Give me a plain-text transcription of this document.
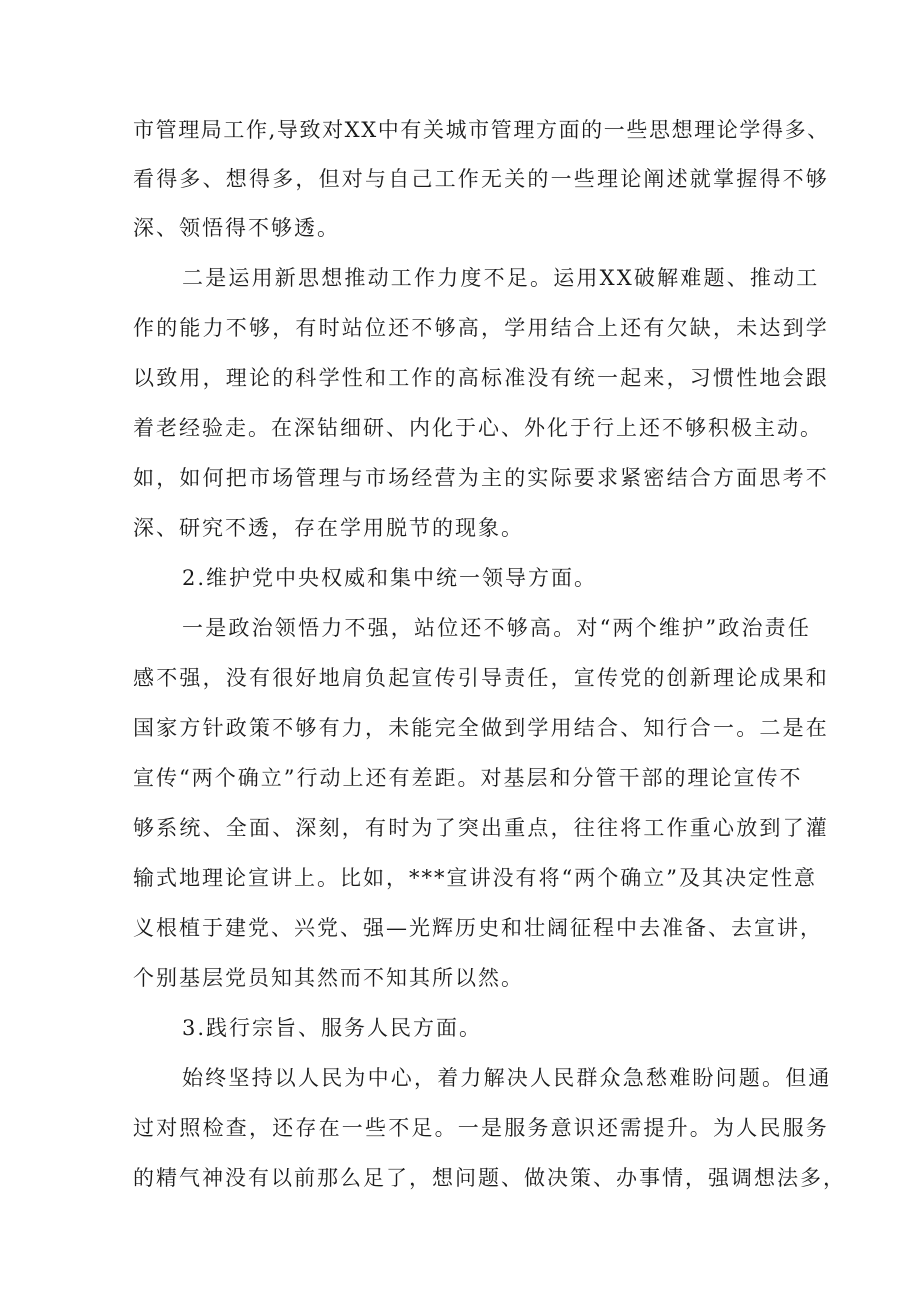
市管理局工作,导致对XX中有关城市管理方面的一些思想理论学得多、
看得多、想得多，但对与自己工作无关的一些理论阐述就掌握得不够
深、领悟得不够透。
二是运用新思想推动工作力度不足。运用XX破解难题、推动工
作的能力不够，有时站位还不够高，学用结合上还有欠缺，未达到学
以致用，理论的科学性和工作的高标准没有统一起来，习惯性地会跟
着老经验走。在深钻细研、内化于心、外化于行上还不够积极主动。
如，如何把市场管理与市场经营为主的实际要求紧密结合方面思考不
深、研究不透，存在学用脱节的现象。
2.维护党中央权威和集中统一领导方面。
一是政治领悟力不强，站位还不够高。对“两个维护”政治责任
感不强，没有很好地肩负起宣传引导责任，宣传党的创新理论成果和
国家方针政策不够有力，未能完全做到学用结合、知行合一。二是在
宣传“两个确立”行动上还有差距。对基层和分管干部的理论宣传不
够系统、全面、深刻，有时为了突出重点，往往将工作重心放到了灌
输式地理论宣讲上。比如，***宣讲没有将“两个确立”及其决定性意
义根植于建党、兴党、强—光辉历史和壮阔征程中去准备、去宣讲，
个别基层党员知其然而不知其所以然。
3.践行宗旨、服务人民方面。
始终坚持以人民为中心，着力解决人民群众急愁难盼问题。但通
过对照检查，还存在一些不足。一是服务意识还需提升。为人民服务
的精气神没有以前那么足了，想问题、做决策、办事情，强调想法多，
